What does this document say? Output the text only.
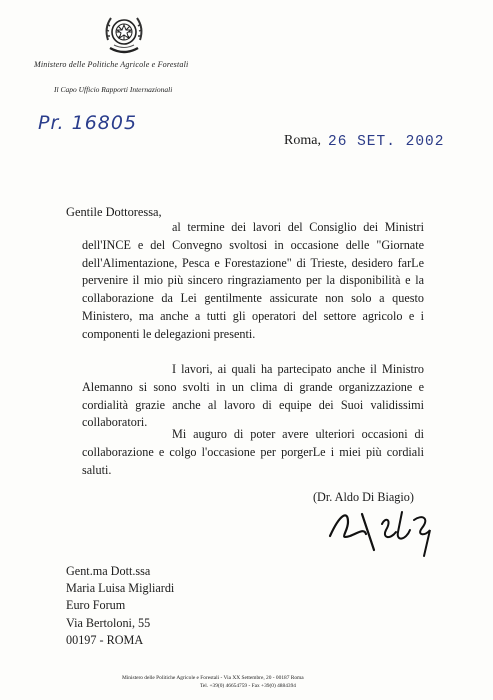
Ministero delle Politiche Agricole e Forestali
Il Capo Ufficio Rapporti Internazionali
Pr. 16805
Roma, 26 SET. 2002
Gentile Dottoressa,

al termine dei lavori del Consiglio dei Ministri dell'INCE e del Convegno svoltosi in occasione delle "Giornate dell'Alimentazione, Pesca e Forestazione" di Trieste, desidero farLe pervenire il mio più sincero ringraziamento per la disponibilità e la collaborazione da Lei gentilmente assicurate non solo a questo Ministero, ma anche a tutti gli operatori del settore agricolo e i componenti le delegazioni presenti.

I lavori, ai quali ha partecipato anche il Ministro Alemanno si sono svolti in un clima di grande organizzazione e cordialità grazie anche al lavoro di equipe dei Suoi validissimi collaboratori.

Mi auguro di poter avere ulteriori occasioni di collaborazione e colgo l'occasione per porgerLe i miei più cordiali saluti.

(Dr. Aldo Di Biagio)
Gent.ma Dott.ssa
Maria Luisa Migliardi
Euro Forum
Via Bertoloni, 55
00197 - ROMA
Ministero delle Politiche Agricole e Forestali - Via XX Settembre, 20 - 00187 Roma
Tel. +39(0) 46654759 - Fax +39(0) 4884394
